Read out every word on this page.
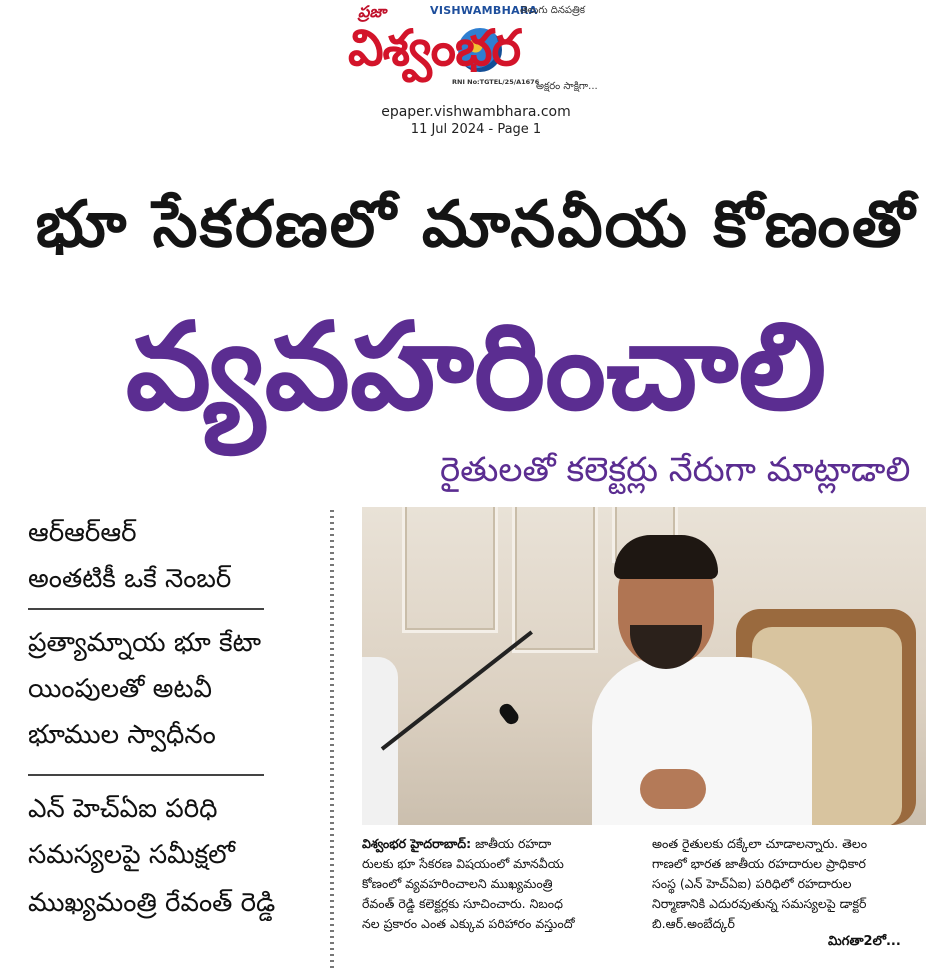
ప్రజా	VISHWAMBHARA
తెలుగు దినపత్రిక
విశ్వంభర
RNI No:TGTEL/25/A1676
అక్షరం సాక్షిగా...
epaper.vishwambhara.com
11 Jul 2024 - Page 1
భూ సేకరణలో మానవీయ కోణంతో
వ్యవహరించాలి
రైతులతో కలెక్టర్లు నేరుగా మాట్లాడాలి
ఆర్‌ఆర్‌ఆర్
అంతటికీ ఒకే నెంబర్
ప్రత్యామ్నాయ భూ కేటా
యింపులతో అటవీ
భూముల స్వాధీనం
ఎన్ హెచ్ఏఐ పరిధి
సమస్యలపై సమీక్షలో
ముఖ్యమంత్రి రేవంత్ రెడ్డి
విశ్వంభర హైదరాబాద్: జాతీయ రహదా
రులకు భూ సేకరణ విషయంలో మానవీయ
కోణంలో వ్యవహరించాలని ముఖ్యమంత్రి
రేవంత్ రెడ్డి కలెక్టర్లకు సూచించారు. నిబంధ
నల ప్రకారం ఎంత ఎక్కువ పరిహారం వస్తుందో
అంత రైతులకు దక్కేలా చూడాలన్నారు. తెలం
గాణలో భారత జాతీయ రహదారుల ప్రాధికార
సంస్థ (ఎన్ హెచ్ఏఐ) పరిధిలో రహదారుల
నిర్మాణానికి ఎదురవుతున్న సమస్యలపై డాక్టర్
బి.ఆర్.అంబేద్కర్
మిగతా2లో...
